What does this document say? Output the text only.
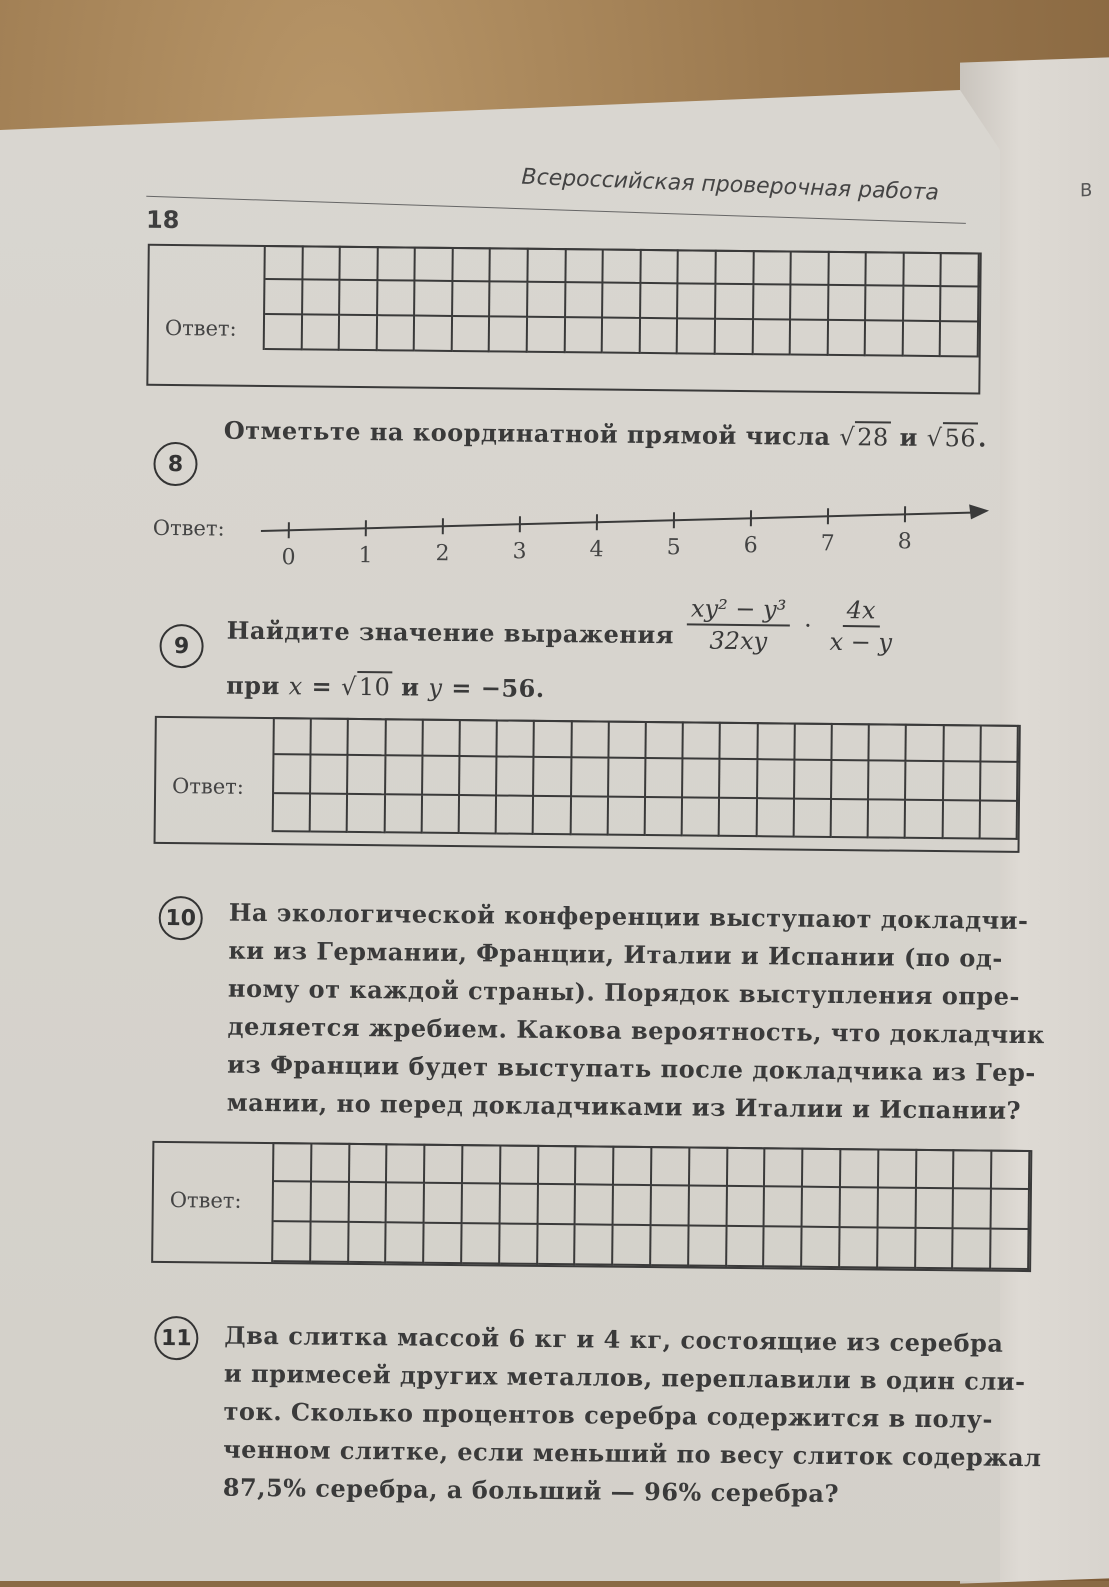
В
Всероссийская проверочная работа
18
Ответ:
8
Отметьте на координатной прямой числа √28 и √56.
Ответ:
0	1	2	3	4	5	6	7	8
9	Найдите значение выражения $\frac{\text{xy² − y³}}{32xy} \cdot \frac{4x}{x - y}$
при x = √10 и y = −56.
Ответ:
10 На экологической конференции выступают докладчи-
ки из Германии, Франции, Италии и Испании (по од-
ному от каждой страны). Порядок выступления опре-
деляется жребием. Какова вероятность, что докладчик
из Франции будет выступать после докладчика из Гер-
мании, но перед докладчиками из Италии и Испании?
Ответ:
11 Два слитка массой 6 кг и 4 кг, состоящие из серебра
и примесей других металлов, переплавили в один сли-
ток. Сколько процентов серебра содержится в полу-
ченном слитке, если меньший по весу слиток содержал
87,5% серебра, а больший — 96% серебра?
